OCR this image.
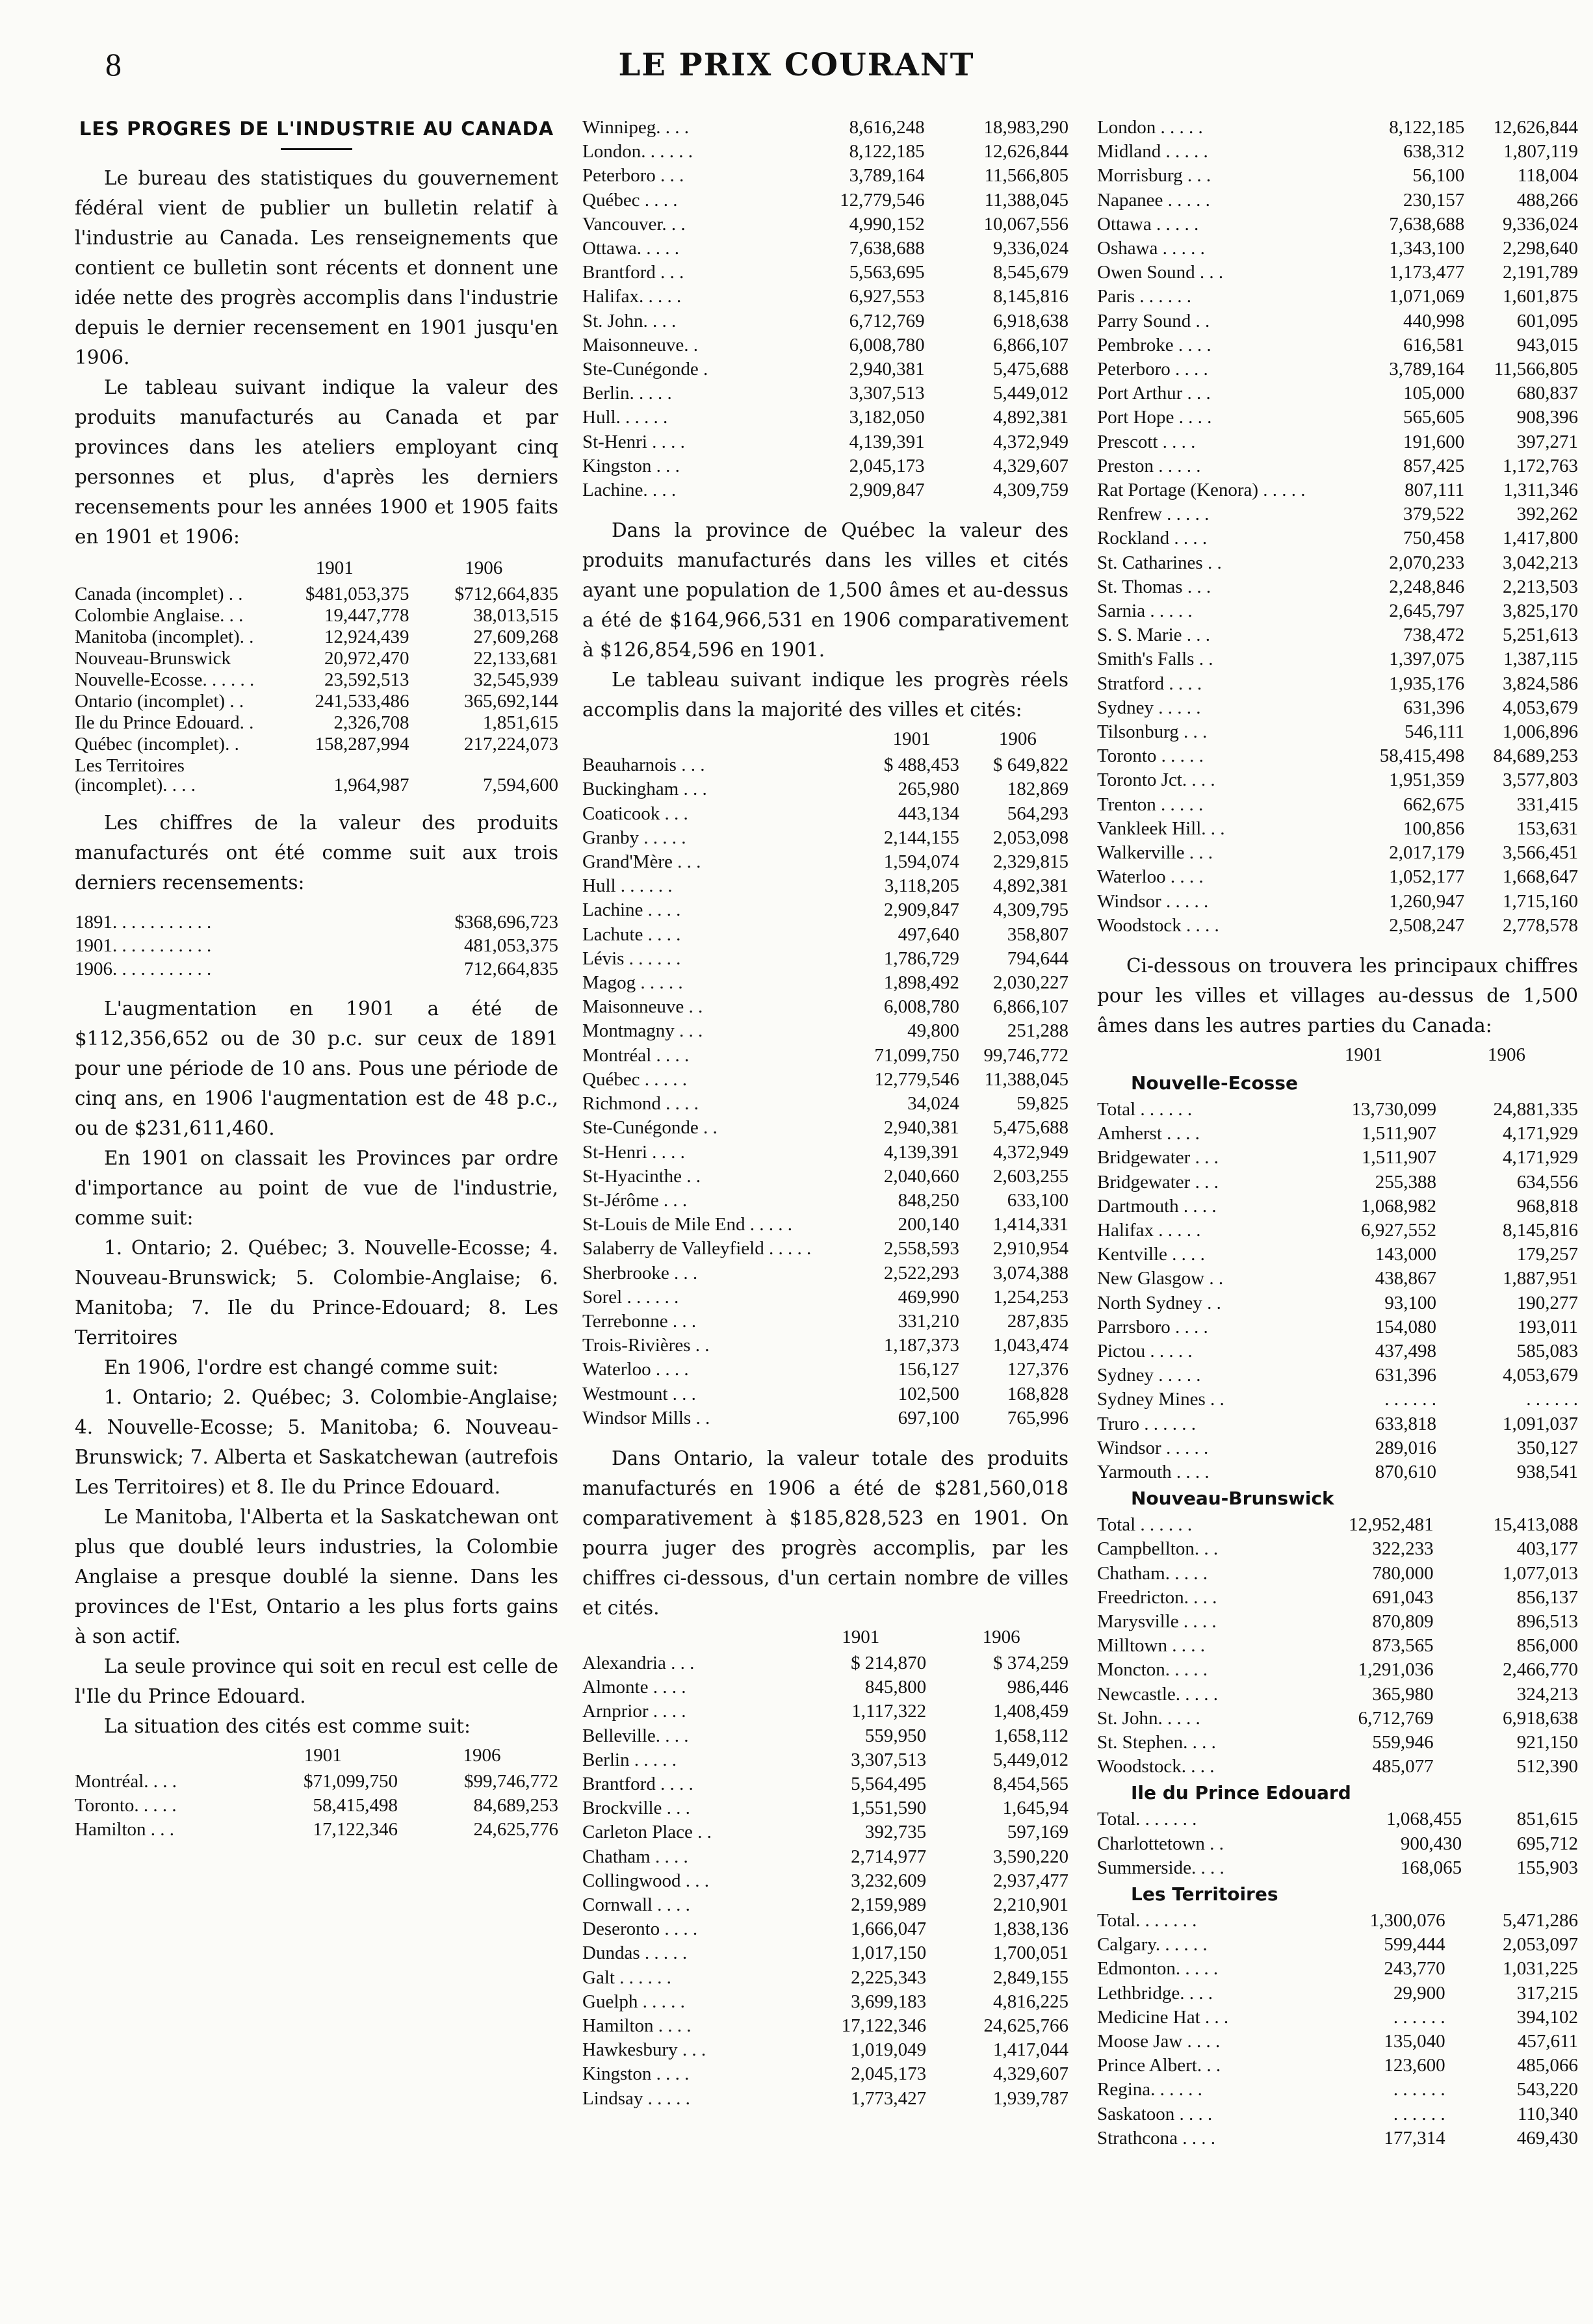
8	LE PRIX COURANT
LES PROGRES DE L'INDUSTRIE AU CANADA

Le bureau des statistiques du gouvernement fédéral vient de publier un bulletin relatif à l'industrie au Canada. Les renseignements que contient ce bulletin sont récents et donnent une idée nette des progrès accomplis dans l'industrie depuis le dernier recensement en 1901 jusqu'en 1906.

Le tableau suivant indique la valeur des produits manufacturés au Canada et par provinces dans les ateliers employant cinq personnes et plus, d'après les derniers recensements pour les années 1900 et 1905 faits en 1901 et 1906:

	1901	1906
Canada (incomplet) . .	$481,053,375	$712,664,835
Colombie Anglaise. . .	19,447,778	38,013,515
Manitoba (incomplet). .	12,924,439	27,609,268
Nouveau-Brunswick	20,972,470	22,133,681
Nouvelle-Ecosse. . . . . .	23,592,513	32,545,939
Ontario (incomplet) . .	241,533,486	365,692,144
Ile du Prince Edouard. .	2,326,708	1,851,615
Québec (incomplet). .	158,287,994	217,224,073
Les Territoires (incomplet). . . .	1,964,987	7,594,600

Les chiffres de la valeur des produits manufacturés ont été comme suit aux trois derniers recensements:

1891. . . . . . . . . . .	$368,696,723
1901. . . . . . . . . . .	481,053,375
1906. . . . . . . . . . .	712,664,835

L'augmentation en 1901 a été de $112,356,652 ou de 30 p.c. sur ceux de 1891 pour une période de 10 ans. Pous une période de cinq ans, en 1906 l'augmentation est de 48 p.c., ou de $231,611,460.

En 1901 on classait les Provinces par ordre d'importance au point de vue de l'industrie, comme suit:

1. Ontario; 2. Québec; 3. Nouvelle-Ecosse; 4. Nouveau-Brunswick; 5. Colombie-Anglaise; 6. Manitoba; 7. Ile du Prince-Edouard; 8. Les Territoires

En 1906, l'ordre est changé comme suit:

1. Ontario; 2. Québec; 3. Colombie-Anglaise; 4. Nouvelle-Ecosse; 5. Manitoba; 6. Nouveau-Brunswick; 7. Alberta et Saskatchewan (autrefois Les Territoires) et 8. Ile du Prince Edouard.

Le Manitoba, l'Alberta et la Saskatchewan ont plus que doublé leurs industries, la Colombie Anglaise a presque doublé la sienne. Dans les provinces de l'Est, Ontario a les plus forts gains à son actif.

La seule province qui soit en recul est celle de l'Ile du Prince Edouard.

La situation des cités est comme suit:

	1901	1906
Montréal. . . .	$71,099,750	$99,746,772
Toronto. . . . .	58,415,498	84,689,253
Hamilton . . .	17,122,346	24,625,776
Winnipeg. . . .	8,616,248	18,983,290
London. . . . . .	8,122,185	12,626,844
Peterboro . . .	3,789,164	11,566,805
Québec . . . .	12,779,546	11,388,045
Vancouver. . .	4,990,152	10,067,556
Ottawa. . . . .	7,638,688	9,336,024
Brantford . . .	5,563,695	8,545,679
Halifax. . . . .	6,927,553	8,145,816
St. John. . . .	6,712,769	6,918,638
Maisonneuve. .	6,008,780	6,866,107
Ste-Cunégonde .	2,940,381	5,475,688
Berlin. . . . .	3,307,513	5,449,012
Hull. . . . . .	3,182,050	4,892,381
St-Henri . . . .	4,139,391	4,372,949
Kingston . . .	2,045,173	4,329,607
Lachine. . . .	2,909,847	4,309,759

Dans la province de Québec la valeur des produits manufacturés dans les villes et cités ayant une population de 1,500 âmes et au-dessus a été de $164,966,531 en 1906 comparativement à $126,854,596 en 1901.

Le tableau suivant indique les progrès réels accomplis dans la majorité des villes et cités:

	1901	1906
Beauharnois . . .	$ 488,453	$ 649,822
Buckingham . . .	265,980	182,869
Coaticook . . .	443,134	564,293
Granby . . . . .	2,144,155	2,053,098
Grand'Mère . . .	1,594,074	2,329,815
Hull . . . . . .	3,118,205	4,892,381
Lachine . . . .	2,909,847	4,309,795
Lachute . . . .	497,640	358,807
Lévis . . . . . .	1,786,729	794,644
Magog . . . . .	1,898,492	2,030,227
Maisonneuve . .	6,008,780	6,866,107
Montmagny . . .	49,800	251,288
Montréal . . . .	71,099,750	99,746,772
Québec . . . . .	12,779,546	11,388,045
Richmond . . . .	34,024	59,825
Ste-Cunégonde . .	2,940,381	5,475,688
St-Henri . . . .	4,139,391	4,372,949
St-Hyacinthe . .	2,040,660	2,603,255
St-Jérôme . . .	848,250	633,100
St-Louis de Mile End . . . . .	200,140	1,414,331
Salaberry de Valleyfield . . . . .	2,558,593	2,910,954
Sherbrooke . . .	2,522,293	3,074,388
Sorel . . . . . .	469,990	1,254,253
Terrebonne . . .	331,210	287,835
Trois-Rivières . .	1,187,373	1,043,474
Waterloo . . . .	156,127	127,376
Westmount . . .	102,500	168,828
Windsor Mills . .	697,100	765,996

Dans Ontario, la valeur totale des produits manufacturés en 1906 a été de $281,560,018 comparativement à $185,828,523 en 1901. On pourra juger des progrès accomplis, par les chiffres ci-dessous, d'un certain nombre de villes et cités.

	1901	1906
Alexandria . . .	$ 214,870	$ 374,259
Almonte . . . .	845,800	986,446
Arnprior . . . .	1,117,322	1,408,459
Belleville. . . .	559,950	1,658,112
Berlin . . . . .	3,307,513	5,449,012
Brantford . . . .	5,564,495	8,454,565
Brockville . . .	1,551,590	1,645,94
Carleton Place . .	392,735	597,169
Chatham . . . .	2,714,977	3,590,220
Collingwood . . .	3,232,609	2,937,477
Cornwall . . . .	2,159,989	2,210,901
Deseronto . . . .	1,666,047	1,838,136
Dundas . . . . .	1,017,150	1,700,051
Galt . . . . . .	2,225,343	2,849,155
Guelph . . . . .	3,699,183	4,816,225
Hamilton . . . .	17,122,346	24,625,766
Hawkesbury . . .	1,019,049	1,417,044
Kingston . . . .	2,045,173	4,329,607
Lindsay . . . . .	1,773,427	1,939,787
London . . . . .	8,122,185	12,626,844
Midland . . . . .	638,312	1,807,119
Morrisburg . . .	56,100	118,004
Napanee . . . . .	230,157	488,266
Ottawa . . . . .	7,638,688	9,336,024
Oshawa . . . . .	1,343,100	2,298,640
Owen Sound . . .	1,173,477	2,191,789
Paris . . . . . .	1,071,069	1,601,875
Parry Sound . .	440,998	601,095
Pembroke . . . .	616,581	943,015
Peterboro . . . .	3,789,164	11,566,805
Port Arthur . . .	105,000	680,837
Port Hope . . . .	565,605	908,396
Prescott . . . .	191,600	397,271
Preston . . . . .	857,425	1,172,763
Rat Portage (Kenora) . . . . .	807,111	1,311,346
Renfrew . . . . .	379,522	392,262
Rockland . . . .	750,458	1,417,800
St. Catharines . .	2,070,233	3,042,213
St. Thomas . . .	2,248,846	2,213,503
Sarnia . . . . .	2,645,797	3,825,170
S. S. Marie . . .	738,472	5,251,613
Smith's Falls . .	1,397,075	1,387,115
Stratford . . . .	1,935,176	3,824,586
Sydney . . . . .	631,396	4,053,679
Tilsonburg . . .	546,111	1,006,896
Toronto . . . . .	58,415,498	84,689,253
Toronto Jct. . . .	1,951,359	3,577,803
Trenton . . . . .	662,675	331,415
Vankleek Hill. . .	100,856	153,631
Walkerville . . .	2,017,179	3,566,451
Waterloo . . . .	1,052,177	1,668,647
Windsor . . . . .	1,260,947	1,715,160
Woodstock . . . .	2,508,247	2,778,578

Ci-dessous on trouvera les principaux chiffres pour les villes et villages au-dessus de 1,500 âmes dans les autres parties du Canada:

	1901	1906
Nouvelle-Ecosse
Total . . . . . .	13,730,099	24,881,335
Amherst . . . .	1,511,907	4,171,929
Bridgewater . . .	1,511,907	4,171,929
Bridgewater . . .	255,388	634,556
Dartmouth . . . .	1,068,982	968,818
Halifax . . . . .	6,927,552	8,145,816
Kentville . . . .	143,000	179,257
New Glasgow . .	438,867	1,887,951
North Sydney . .	93,100	190,277
Parrsboro . . . .	154,080	193,011
Pictou . . . . .	437,498	585,083
Sydney . . . . .	631,396	4,053,679
Sydney Mines . .	. . . . . .	. . . . . .
Truro . . . . . .	633,818	1,091,037
Windsor . . . . .	289,016	350,127
Yarmouth . . . .	870,610	938,541
Nouveau-Brunswick
Total . . . . . .	12,952,481	15,413,088
Campbellton. . .	322,233	403,177
Chatham. . . . .	780,000	1,077,013
Freedricton. . . .	691,043	856,137
Marysville . . . .	870,809	896,513
Milltown . . . .	873,565	856,000
Moncton. . . . .	1,291,036	2,466,770
Newcastle. . . . .	365,980	324,213
St. John. . . . .	6,712,769	6,918,638
St. Stephen. . . .	559,946	921,150
Woodstock. . . .	485,077	512,390
Ile du Prince Edouard
Total. . . . . . .	1,068,455	851,615
Charlottetown . .	900,430	695,712
Summerside. . . .	168,065	155,903
Les Territoires
Total. . . . . . .	1,300,076	5,471,286
Calgary. . . . . .	599,444	2,053,097
Edmonton. . . . .	243,770	1,031,225
Lethbridge. . . .	29,900	317,215
Medicine Hat . . .	. . . . . .	394,102
Moose Jaw . . . .	135,040	457,611
Prince Albert. . .	123,600	485,066
Regina. . . . . .	. . . . . .	543,220
Saskatoon . . . .	. . . . . .	110,340
Strathcona . . . .	177,314	469,430
